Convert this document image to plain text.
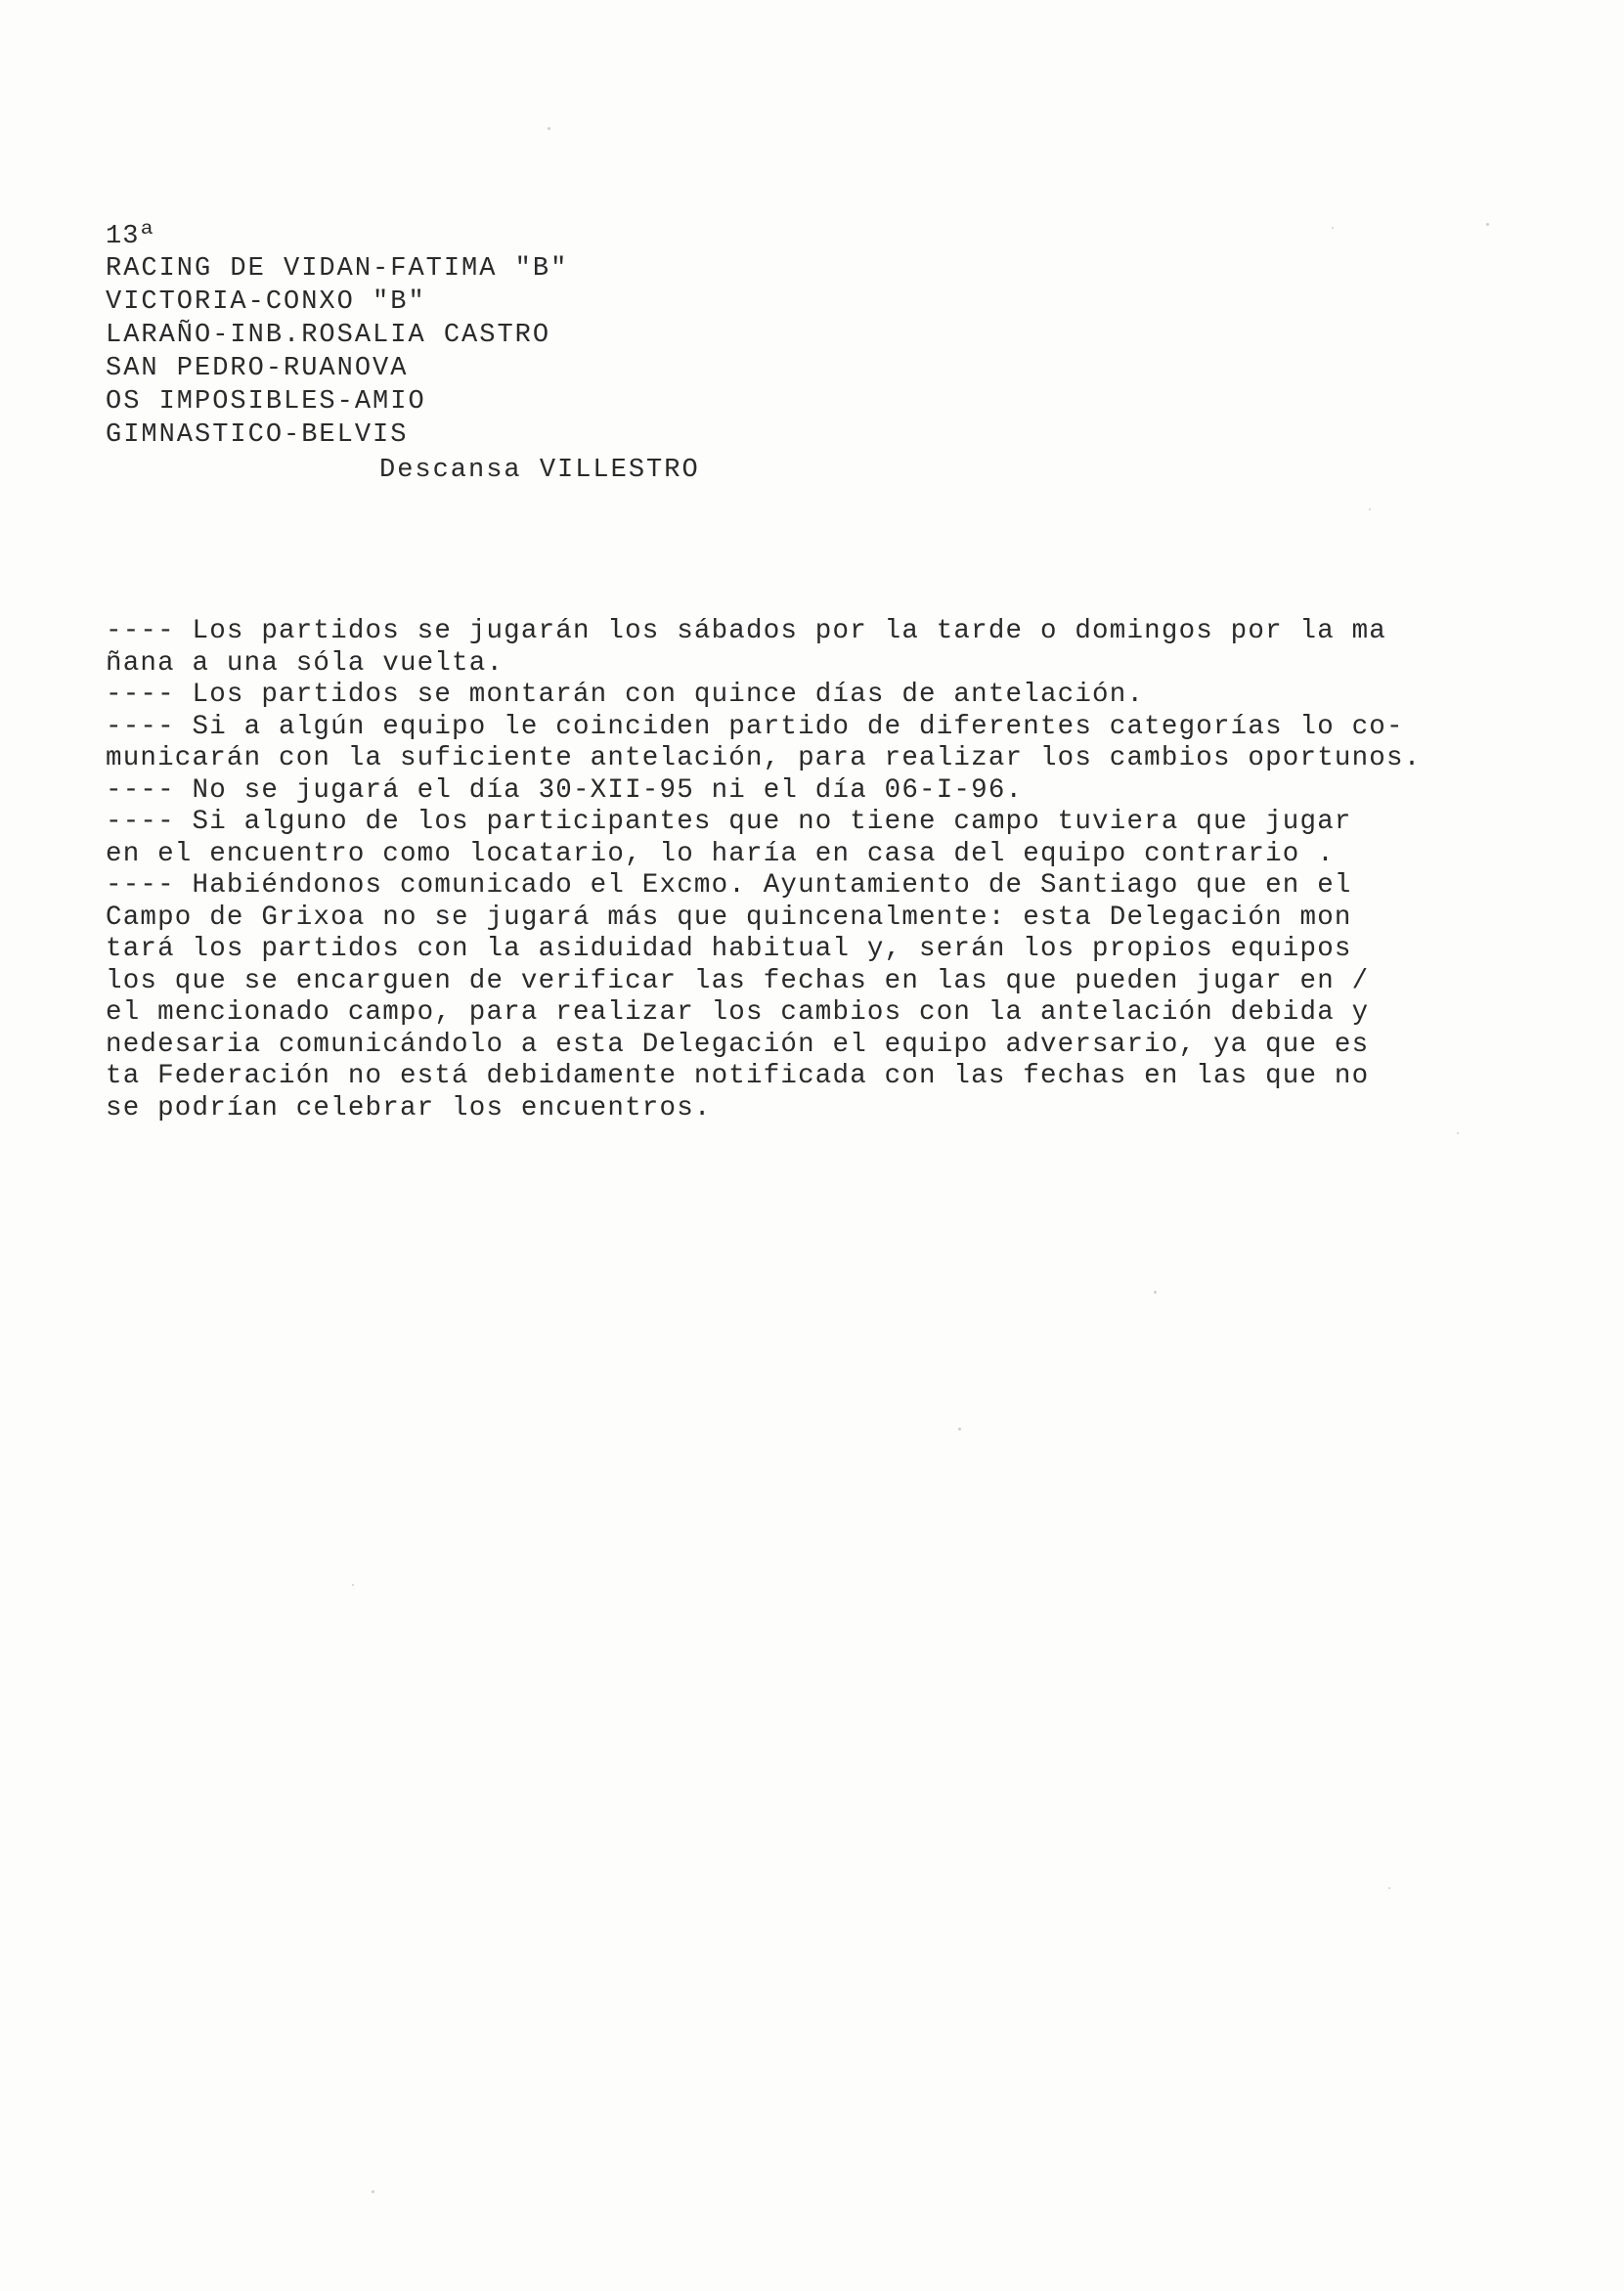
13ª
RACING DE VIDAN-FATIMA "B"
VICTORIA-CONXO "B"
LARAÑO-INB.ROSALIA CASTRO
SAN PEDRO-RUANOVA
OS IMPOSIBLES-AMIO
GIMNASTICO-BELVIS
Descansa VILLESTRO
---- Los partidos se jugarán los sábados por la tarde o domingos por la ma
ñana a una sóla vuelta.
---- Los partidos se montarán con quince días de antelación.
---- Si a algún equipo le coinciden partido de diferentes categorías lo co-
municarán con la suficiente antelación, para realizar los cambios oportunos.
---- No se jugará el día 30-XII-95 ni el día 06-I-96.
---- Si alguno de los participantes que no tiene campo tuviera que jugar
en el encuentro como locatario, lo haría en casa del equipo contrario .
---- Habiéndonos comunicado el Excmo. Ayuntamiento de Santiago que en el
Campo de Grixoa no se jugará más que quincenalmente: esta Delegación mon
tará los partidos con la asiduidad habitual y, serán los propios equipos
los que se encarguen de verificar las fechas en las que pueden jugar en /
el mencionado campo, para realizar los cambios con la antelación debida y
nedesaria comunicándolo a esta Delegación el equipo adversario, ya que es
ta Federación no está debidamente notificada con las fechas en las que no
se podrían celebrar los encuentros.
